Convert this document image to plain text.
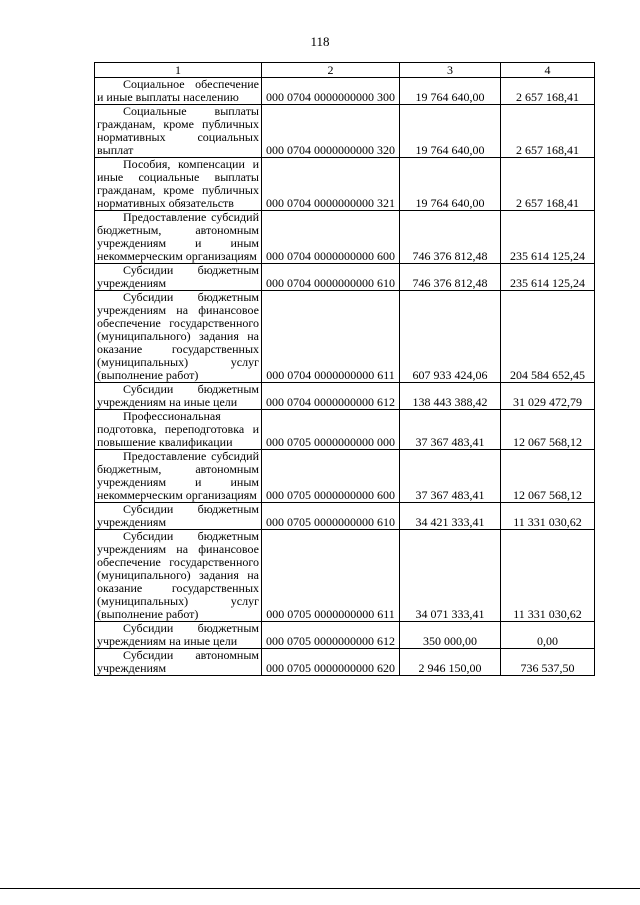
118
1	2	3	4
Социальное обеспечение и иные выплаты населению	000 0704 0000000000 300	19 764 640,00	2 657 168,41
Социальные выплаты гражданам, кроме публичных нормативных социальных выплат	000 0704 0000000000 320	19 764 640,00	2 657 168,41
Пособия, компенсации и иные социальные выплаты гражданам, кроме публичных нормативных обязательств	000 0704 0000000000 321	19 764 640,00	2 657 168,41
Предоставление субсидий бюджетным, автономным учреждениям и иным некоммерческим организациям	000 0704 0000000000 600	746 376 812,48	235 614 125,24
Субсидии бюджетным учреждениям	000 0704 0000000000 610	746 376 812,48	235 614 125,24
Субсидии бюджетным учреждениям на финансовое обеспечение государственного (муниципального) задания на оказание государственных (муниципальных) услуг (выполнение работ)	000 0704 0000000000 611	607 933 424,06	204 584 652,45
Субсидии бюджетным учреждениям на иные цели	000 0704 0000000000 612	138 443 388,42	31 029 472,79
Профессиональная подготовка, переподготовка и повышение квалификации	000 0705 0000000000 000	37 367 483,41	12 067 568,12
Предоставление субсидий бюджетным, автономным учреждениям и иным некоммерческим организациям	000 0705 0000000000 600	37 367 483,41	12 067 568,12
Субсидии бюджетным учреждениям	000 0705 0000000000 610	34 421 333,41	11 331 030,62
Субсидии бюджетным учреждениям на финансовое обеспечение государственного (муниципального) задания на оказание государственных (муниципальных) услуг (выполнение работ)	000 0705 0000000000 611	34 071 333,41	11 331 030,62
Субсидии бюджетным учреждениям на иные цели	000 0705 0000000000 612	350 000,00	0,00
Субсидии автономным учреждениям	000 0705 0000000000 620	2 946 150,00	736 537,50
